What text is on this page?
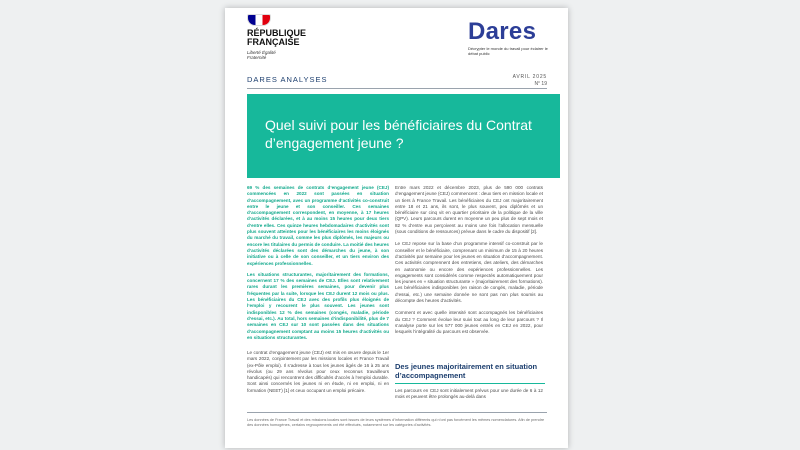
RÉPUBLIQUE FRANÇAISE
Liberté Égalité Fraternité
Dares
Décrypter le monde du travail pour éclairer le débat public
DARES ANALYSES	AVRIL 2025
N° 19
Quel suivi pour les bénéficiaires du Contrat d’engagement jeune ?

69 % des semaines de contrats d’engagement jeune (CEJ) commencées en 2022 sont passées en situation d’accompagnement, avec un programme d’activités co-construit entre le jeune et son conseiller. Ces semaines d’accompagnement correspondent, en moyenne, à 17 heures d’activités déclarées, et à au moins 15 heures pour deux tiers d’entre elles. Ces quinze heures hebdomadaires d’activités sont plus souvent atteintes pour les bénéficiaires les moins éloignés du marché du travail, comme les plus diplômés, les majeurs ou encore les titulaires du permis de conduire. La moitié des heures d’activités déclarées sont des démarches du jeune, à son initiative ou à celle de son conseiller, et un tiers environ des expériences professionnelles.

Les situations structurantes, majoritairement des formations, concernent 17 % des semaines de CEJ. Elles sont relativement rares durant les premières semaines, pour devenir plus fréquentes par la suite, lorsque les CEJ durent 12 mois ou plus. Les bénéficiaires du CEJ avec des profils plus éloignés de l’emploi y recourent le plus souvent. Les jeunes sont indisponibles 12 % des semaines (congés, maladie, période d’essai, etc.). Au total, hors semaines d’indisponibilité, plus de 7 semaines en CEJ sur 10 sont passées dans des situations d’accompagnement comptant au moins 15 heures d’activités ou en situations structurantes.

Le contrat d’engagement jeune (CEJ) est mis en œuvre depuis le 1er mars 2022, conjointement par les missions locales et France Travail (ex-Pôle emploi). Il s’adresse à tous les jeunes âgés de 16 à 25 ans révolus (ou 29 ans révolus pour ceux reconnus travailleurs handicapés) qui rencontrent des difficultés d’accès à l’emploi durable. Sont ainsi concernés les jeunes ni en étude, ni en emploi, ni en formation (NEET) [1] et ceux occupant un emploi précaire.

Entre mars 2022 et décembre 2023, plus de 590 000 contrats d’engagement jeune (CEJ) commencent : deux tiers en mission locale et un tiers à France Travail. Les bénéficiaires du CEJ ont majoritairement entre 18 et 21 ans, ils sont, le plus souvent, peu diplômés et un bénéficiaire sur cinq vit en quartier prioritaire de la politique de la ville (QPV). Leurs parcours durent en moyenne un peu plus de sept mois et 82 % d’entre eux perçoivent au moins une fois l’allocation mensuelle (sous conditions de ressources) prévue dans le cadre du dispositif [2].

Le CEJ repose sur la base d’un programme intensif co-construit par le conseiller et le bénéficiaire, comprenant un minimum de 15 à 20 heures d’activités par semaine pour les jeunes en situation d’accompagnement. Ces activités comprennent des entretiens, des ateliers, des démarches en autonomie ou encore des expériences professionnelles. Les engagements sont considérés comme respectés automatiquement pour les jeunes en « situation structurante » (majoritairement des formations). Les bénéficiaires indisponibles (en raison de congés, maladie, période d’essai, etc.) une semaine donnée ne sont pas non plus soumis au décompte des heures d’activités.

Comment et avec quelle intensité sont accompagnés les bénéficiaires du CEJ ? Comment évolue leur suivi tout au long de leur parcours ? Il s’analyse porte sur les 577 000 jeunes entrés en CEJ en 2022, pour lesquels l’intégralité du parcours est observée.

Des jeunes majoritairement en situation d’accompagnement

Les parcours en CEJ sont initialement prévus pour une durée de 6 à 12 mois et peuvent être prolongés au-delà dans

Les données de France Travail et des missions locales sont issues de leurs systèmes d’information différents qui n’ont pas forcément les mêmes nomenclatures. Afin de prendre des données homogènes, certains regroupements ont été effectués, notamment sur les catégories d’activités.
